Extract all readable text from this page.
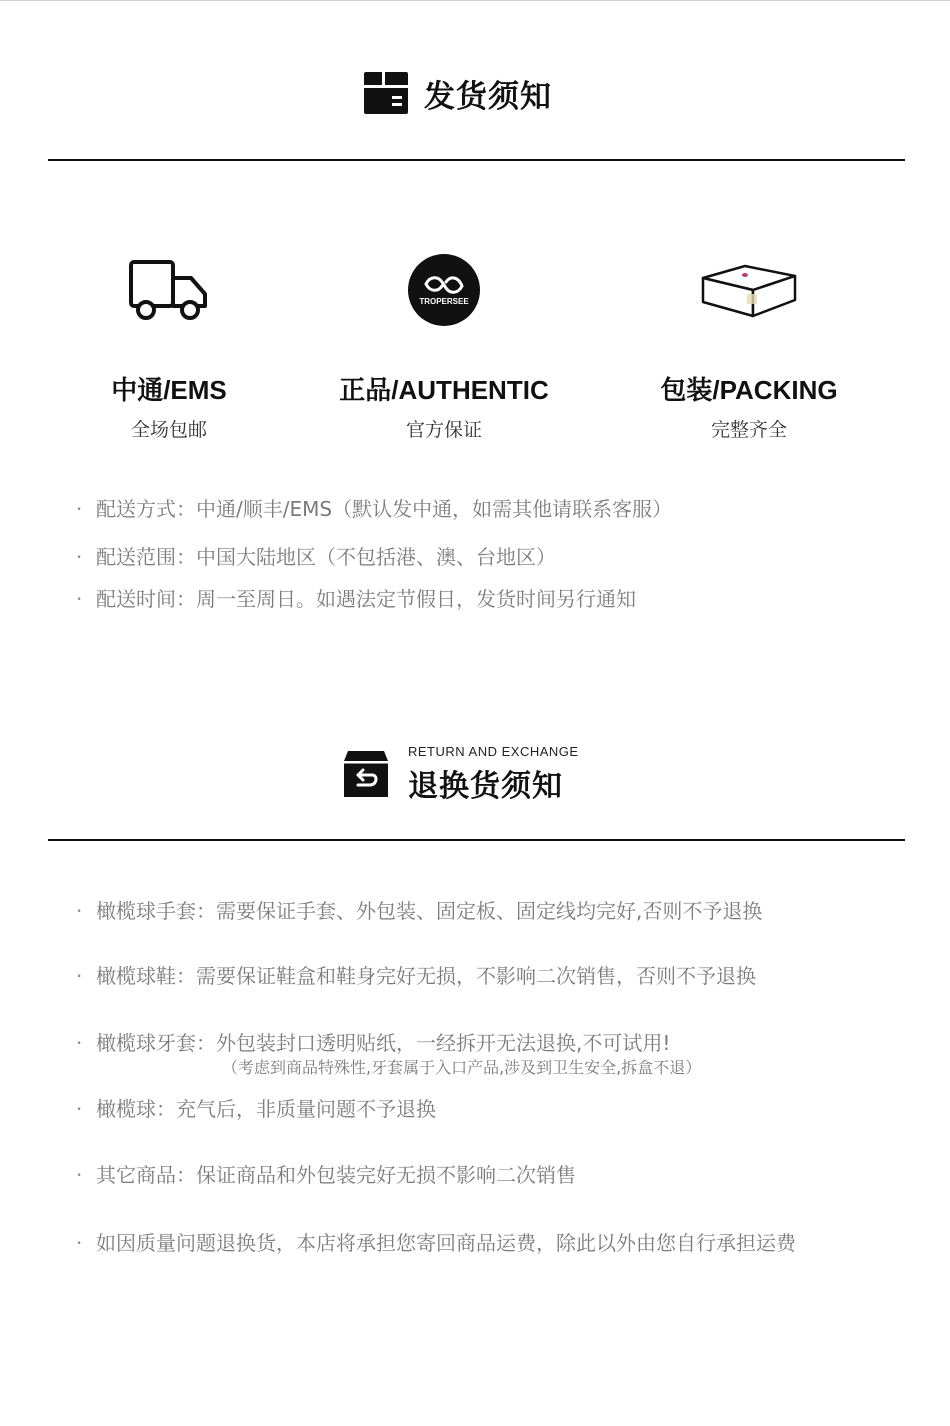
发货须知
中通/EMS
全场包邮
TROPERSEE
正品/AUTHENTIC
官方保证
包装/PACKING
完整齐全
· 配送方式：中通/顺丰/EMS（默认发中通，如需其他请联系客服）
· 配送范围：中国大陆地区（不包括港、澳、台地区）
· 配送时间：周一至周日。如遇法定节假日，发货时间另行通知
RETURN AND EXCHANGE
退换货须知
· 橄榄球手套：需要保证手套、外包装、固定板、固定线均完好,否则不予退换
· 橄榄球鞋：需要保证鞋盒和鞋身完好无损，不影响二次销售，否则不予退换
· 橄榄球牙套：外包装封口透明贴纸，一经拆开无法退换,不可试用!
（考虑到商品特殊性,牙套属于入口产品,涉及到卫生安全,拆盒不退）
· 橄榄球：充气后，非质量问题不予退换
· 其它商品：保证商品和外包装完好无损不影响二次销售
· 如因质量问题退换货，本店将承担您寄回商品运费，除此以外由您自行承担运费
